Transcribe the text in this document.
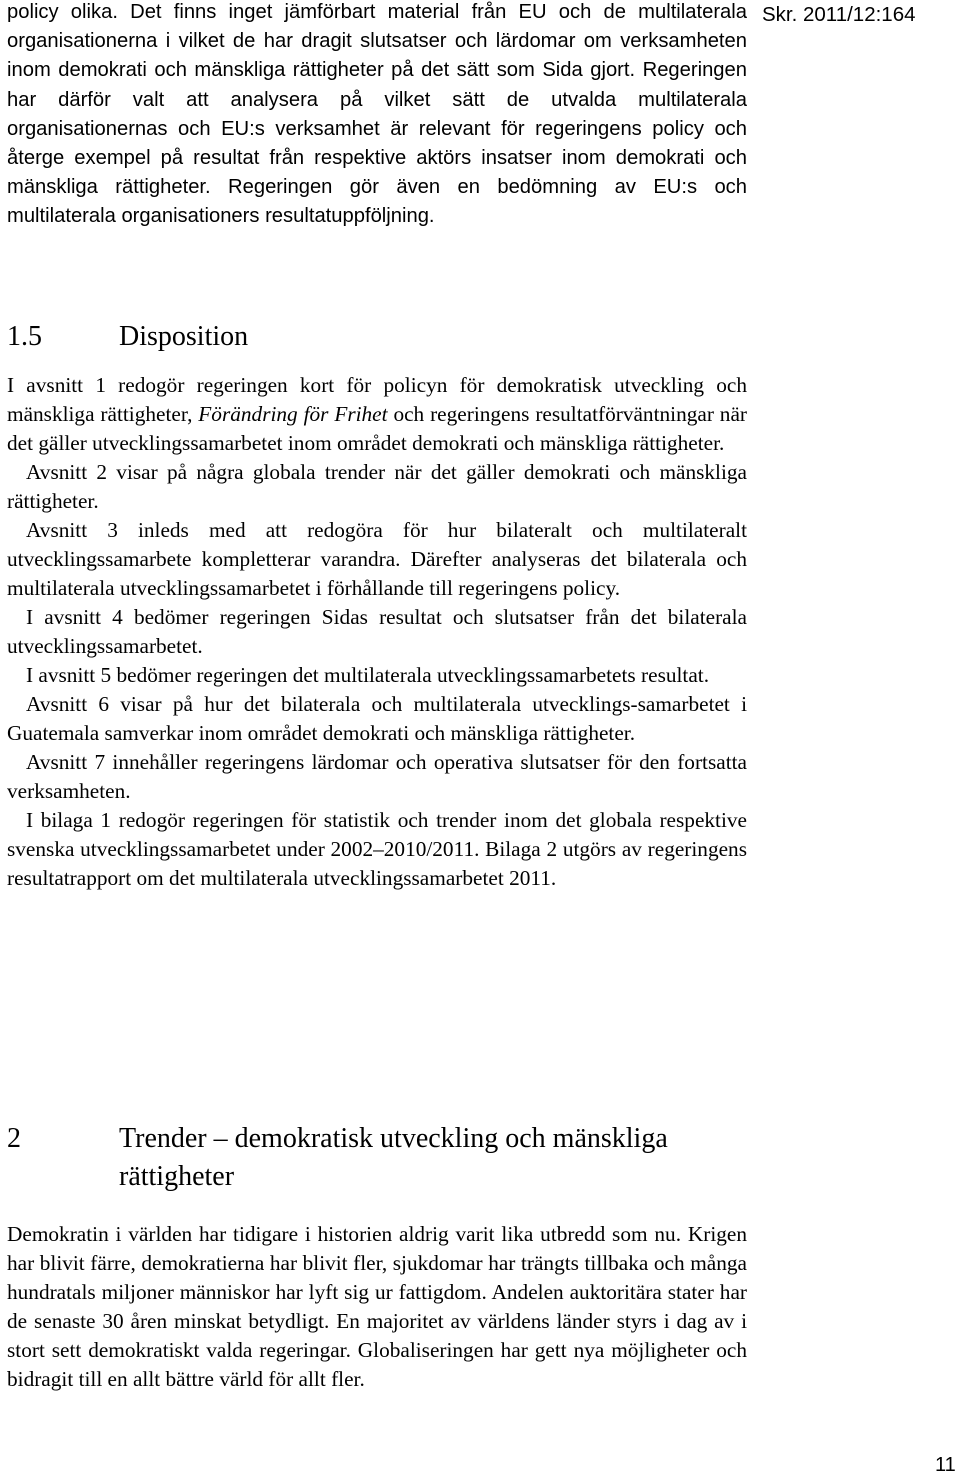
Skr. 2011/12:164

policy olika. Det finns inget jämförbart material från EU och de multilaterala organisationerna i vilket de har dragit slutsatser och lärdomar om verksamheten inom demokrati och mänskliga rättigheter på det sätt som Sida gjort. Regeringen har därför valt att analysera på vilket sätt de utvalda multilaterala organisationernas och EU:s verksamhet är relevant för regeringens policy och återge exempel på resultat från respektive aktörs insatser inom demokrati och mänskliga rättigheter. Regeringen gör även en bedömning av EU:s och multilaterala organisationers resultatuppföljning.

1.5	Disposition

I avsnitt 1 redogör regeringen kort för policyn för demokratisk utveckling och mänskliga rättigheter, Förändring för Frihet och regeringens resultatförväntningar när det gäller utvecklingssamarbetet inom området demokrati och mänskliga rättigheter.

Avsnitt 2 visar på några globala trender när det gäller demokrati och mänskliga rättigheter.

Avsnitt 3 inleds med att redogöra för hur bilateralt och multilateralt utvecklingssamarbete kompletterar varandra. Därefter analyseras det bilaterala och multilaterala utvecklingssamarbetet i förhållande till regeringens policy.

I avsnitt 4 bedömer regeringen Sidas resultat och slutsatser från det bilaterala utvecklingssamarbetet.

I avsnitt 5 bedömer regeringen det multilaterala utvecklingssamarbetets resultat.

Avsnitt 6 visar på hur det bilaterala och multilaterala utvecklings-samarbetet i Guatemala samverkar inom området demokrati och mänskliga rättigheter.

Avsnitt 7 innehåller regeringens lärdomar och operativa slutsatser för den fortsatta verksamheten.

I bilaga 1 redogör regeringen för statistik och trender inom det globala respektive svenska utvecklingssamarbetet under 2002–2010/2011. Bilaga 2 utgörs av regeringens resultatrapport om det multilaterala utvecklingssamarbetet 2011.

2	Trender – demokratisk utveckling och mänskliga rättigheter

Demokratin i världen har tidigare i historien aldrig varit lika utbredd som nu. Krigen har blivit färre, demokratierna har blivit fler, sjukdomar har trängts tillbaka och många hundratals miljoner människor har lyft sig ur fattigdom. Andelen auktoritära stater har de senaste 30 åren minskat betydligt. En majoritet av världens länder styrs i dag av i stort sett demokratiskt valda regeringar. Globaliseringen har gett nya möjligheter och bidragit till en allt bättre värld för allt fler.

11
